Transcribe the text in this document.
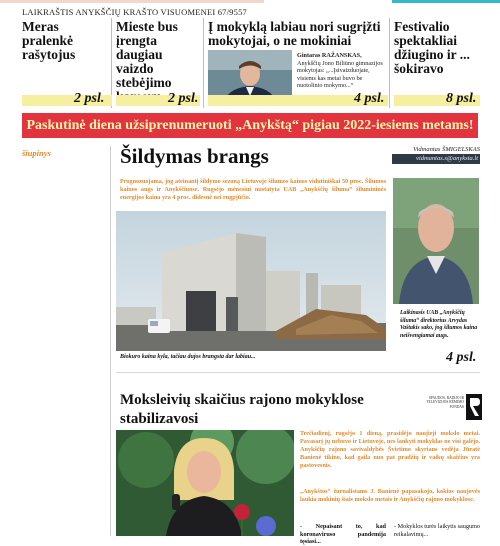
LAIKRAŠTIS ANYKŠČIŲ KRAŠTO VISUOMENEI 67/9557
Meras pralenkė rašytojus
Mieste bus įrengta daugiau vaizdo stebėjimo
Į mokyklą labiau nori sugrįžti mokytojai, o ne mokiniai
Festivalio spektakliai džiugino ir ... šokiravo
Gintaras RAŽANSKAS, Anykščių Jono Biliūno gimnazijos mokytojas: „...Įsivaizduojate, visiems kas metai buvo be nuotolinio mokymo...“
2 psl.	2 psl.	4 psl.	8 psl.
Paskutinė diena užsiprenumeruoti „Anykštą“ pigiau 2022-iesiems metams!
šiupinys	Šildymas brangs	Vidmantas ŠMIGELSKAS
vidmantas.s@anyksta.lt
Prognozuojama, jog ateinantį šildymo sezoną Lietuvoje šilumos kainos vidutiniškai 50 proc. Šilumos kainos augs ir Anykščiuose. Rugsėjo mėnesiui nustatyta UAB „Anykščių šiluma“ šilumininės energijos kaina yra 4 proc. didesnė nei rugpjūčio.
Biokuro kaina kyla, tačiau dujos brangsta dar labiau...
Laikinasis UAB „Anykščių šiluma“ direktorius Arvydas Vaštakis sako, jog šilumos kaina neišvengiamai augs.
4 psl.
Moksleivių skaičius rajono mokyklose stabilizavosi
SPAUDOS, RADIJO IR TELEVIZIJOS RĖMIMO FONDAS
Trečiadienį, rugsėjo 1 dieną, prasidėjo naujieji mokslo metai. Pavasarį jų nebuvo ir Lietuvoje, nes lankyti mokyklas ne visi galėjo. Anykščių rajono savivaldybės Švietimo skyriaus vedėja Jūratė Banienė tikino, kad gaila nuo pat pradžių ir vaikų skaičius yra pastovesnis.
„Anykštos“ žurnalistams J. Banienė papasakojo, kokios naujovės laukia mokinių šiais mokslo metais ir Anykščių rajono mokyklose.
- Nepaisant to, kad koronaviruso pandemija tęsiasi...
- Mokyklos turės laikytis saugumo reikalavimų...
